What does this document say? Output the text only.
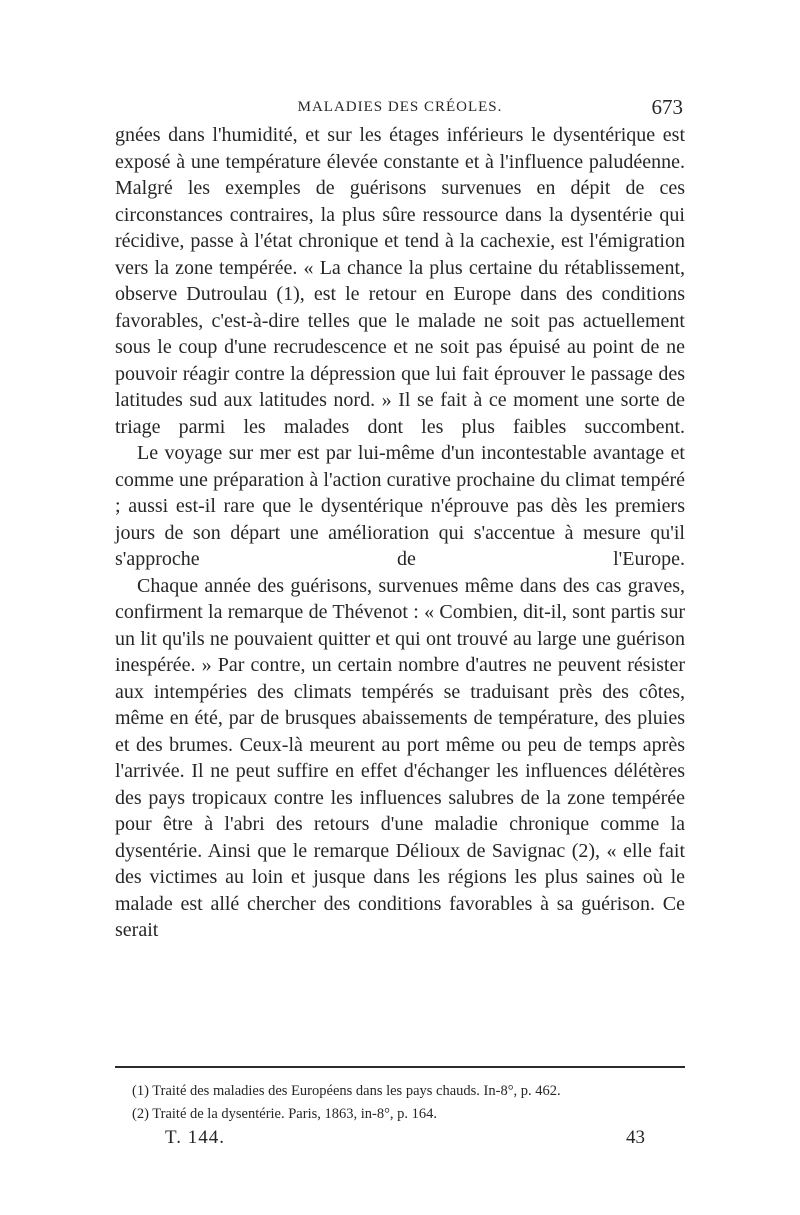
MALADIES DES CRÉOLES.	673

gnées dans l'humidité, et sur les étages inférieurs le dysentérique est exposé à une température élevée constante et à l'influence paludéenne. Malgré les exemples de guérisons survenues en dépit de ces circonstances contraires, la plus sûre ressource dans la dysentérie qui récidive, passe à l'état chronique et tend à la cachexie, est l'émigration vers la zone tempérée. « La chance la plus certaine du rétablissement, observe Dutroulau (1), est le retour en Europe dans des conditions favorables, c'est-à-dire telles que le malade ne soit pas actuellement sous le coup d'une recrudescence et ne soit pas épuisé au point de ne pouvoir réagir contre la dépression que lui fait éprouver le passage des latitudes sud aux latitudes nord. » Il se fait à ce moment une sorte de triage parmi les malades dont les plus faibles succombent.

Le voyage sur mer est par lui-même d'un incontestable avantage et comme une préparation à l'action curative prochaine du climat tempéré ; aussi est-il rare que le dysentérique n'éprouve pas dès les premiers jours de son départ une amélioration qui s'accentue à mesure qu'il s'approche de l'Europe.

Chaque année des guérisons, survenues même dans des cas graves, confirment la remarque de Thévenot : « Combien, dit-il, sont partis sur un lit qu'ils ne pouvaient quitter et qui ont trouvé au large une guérison inespérée. » Par contre, un certain nombre d'autres ne peuvent résister aux intempéries des climats tempérés se traduisant près des côtes, même en été, par de brusques abaissements de température, des pluies et des brumes. Ceux-là meurent au port même ou peu de temps après l'arrivée. Il ne peut suffire en effet d'échanger les influences délétères des pays tropicaux contre les influences salubres de la zone tempérée pour être à l'abri des retours d'une maladie chronique comme la dysentérie. Ainsi que le remarque Délioux de Savignac (2), « elle fait des victimes au loin et jusque dans les régions les plus saines où le malade est allé chercher des conditions favorables à sa guérison. Ce serait

(1) Traité des maladies des Européens dans les pays chauds. In-8°, p. 462.
(2) Traité de la dysentérie. Paris, 1863, in-8°, p. 164.
T. 144.	43
